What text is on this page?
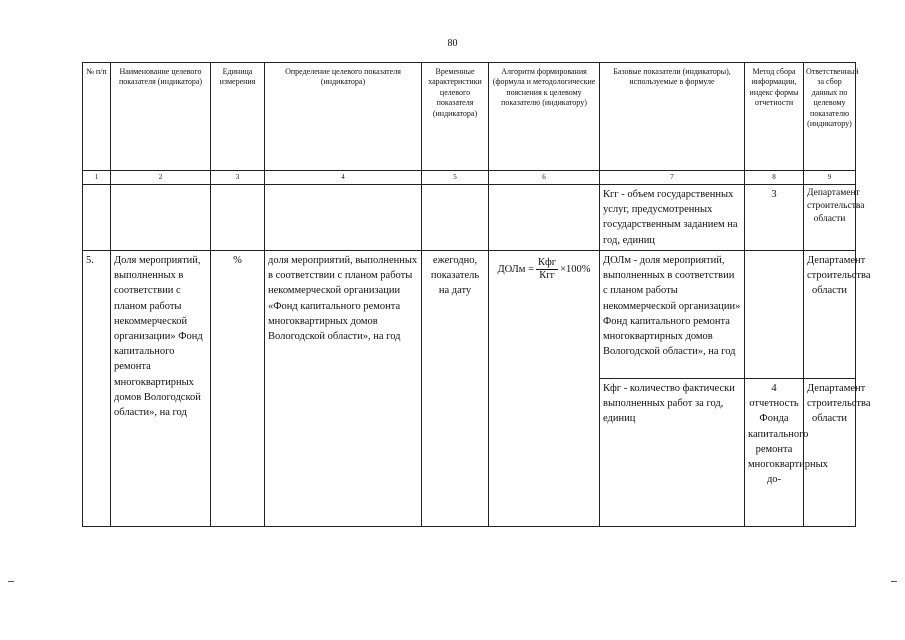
80
№ п/п	Наименование целевого показателя (индикатора)	Единица измерения	Определение целевого показателя (индикатора)	Временные характеристики целевого показателя (индикатора)	Алгоритм формирования (формула и методологические пояснения к целевому показателю (индикатору)	Базовые показатели (индикаторы), используемые в формуле	Метод сбора информации, индекс формы отчетности	Ответственный за сбор данных по целевому показателю (индикатору)
1	2	3	4	5	6	7	8	9
						Кгг - объем государственных услуг, предусмотренных государственным заданием на год, единиц	3	Департамент строительства области
5.	Доля мероприятий, выполненных в соответствии с планом работы некоммерческой организации» Фонд капитального ремонта многоквартирных домов Вологодской области», на год	%	доля мероприятий, выполненных в соответствии с планом работы некоммерческой организации «Фонд капитального ремонта многоквартирных домов Вологодской области», на год	ежегодно, показатель на дату	ДОЛм = $\frac{\text{Кфг}}{\text{Кгг}} \times 100\%$	ДОЛм - доля мероприятий, выполненных в соответствии с планом работы некоммерческой организации» Фонд капитального ремонта многоквартирных домов Вологодской области», на год		Департамент строительства области
						Кфг - количество фактически выполненных работ за год, единиц	4 отчетность Фонда капитального ремонта многоквартирных до-	Департамент строительства области
